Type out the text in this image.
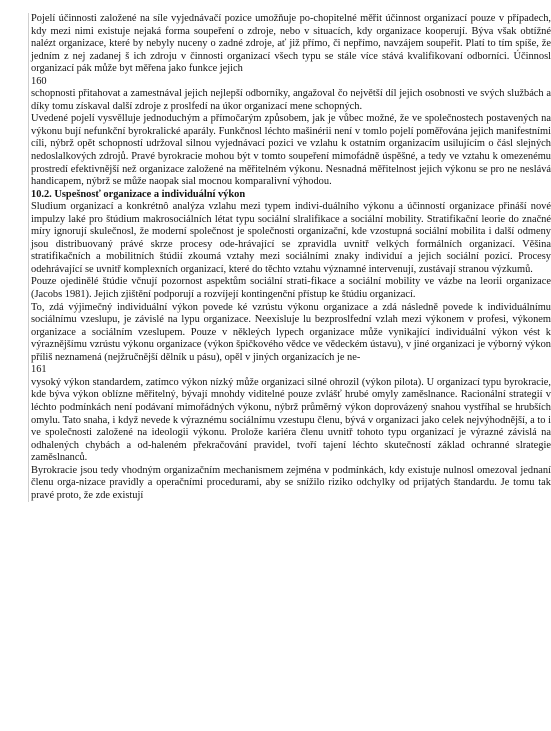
Pojelí účinnosti založené na síle vyjednávačí pozice umožňuje po-chopitelné měřit účinnost organizací pouze v případech, kdy mezi nimi existuje nejaká forma soupeření o zdroje, nebo v situacích, kdy organizace kooperují. Býva však obtížné nalézt organizace, které by nebyly nuceny o zadné zdroje, ať již přímo, či nepřímo, navzájem soupeřit. Platí to tím spíše, že jedním z nej zadanej š ich zdroju v činnosti organizací všech typu se stále více stává kvalifikovaní odborníci. Účinnosl organizací pák může byt měřena jako funkce jejich

160

schopnosti přitahovat a zamestnával jejich nejlepší odborníky, angažoval čo největší díl jejich osobnosti ve svých službách a díky tomu získaval další zdroje z proslfedí na úkor organizací mene schopných.

Uvedené pojelí vysvělluje jednoduchým a přímočarým způsobem, jak je vůbec možné, že ve společnostech postavených na výkonu bují nefunkční byrokralické aparály. Funkčnosl léchto mašinérii není v tomlo pojelí poměřována jejich manifestními cíli, nýbrž opět schopností udržoval silnou vyjednávací pozici ve vzlahu k ostatním organizacím usilujícím o čásl slejných nedoslalkových zdrojů. Pravé byrokracie mohou být v tomto soupeření mimofádně úspěšné, a tedy ve vztahu k omezenému prostredí efektivnější než organizace založené na měřitelném výkonu. Nesnadná měřitelnost jejich výkonu se pro ne neslává handicapem, nýbrž se může naopak sial mocnou komparalivní výhodou.

10.2. Uspešnosť organizace a individuální výkon

Sludium organizací a konkrétnô analýza vzlahu mezi typem indivi-duálního výkonu a účinností organizace přináší nové impulzy laké pro štúdium makrosociálních létat typu sociální slralifikace a sociální mobility. Stratifikační leorie do značné míry ignorují skulečnosl, že moderní společnost je společnosti organizační, kde vzostupná sociální mobilita i další odmeny jsou distribuovaný právé skrze procesy ode-hrávající se zpravidla uvnitř velkých formálních organizací. Věšina stratifikačních a mobilitních štúdií zkoumá vztahy mezi sociálními znaky individuí a jejich sociální pozicí. Procesy odehrávající se uvnitř komplexních organizací, které do těchto vztahu významné intervenují, zustávají stranou výzkumů.

Pouze ojedinělé štúdie včnují pozornost aspektům sociální strati-fikace a sociální mobility ve vázbe na leorii organizace (Jacobs 1981). Jejich zjištění podporují a rozvíjejí kontingenční přístup ke štúdiu organizací.

To, zdá výjimečný individuální výkon povede ké vzrústu výkonu organizace a zdá následně povede k individuálnímu sociálnímu vzeslupu, je závislé na lypu organizace. Neexisluje lu bezproslfední vzlah mezi výkonem v profesi, výkonem organizace a sociálním vzeslupem. Pouze v někleých lypech organizace může vynikající individuální výkon vést k výraznějšímu vzrústu výkonu organizace (výkon špičkového vědce ve vědeckém ústavu), v jiné organizaci je výborný výkon příliš neznamená (nejžručnější dělník u pásu), opěl v jiných organizacích je ne-

161

vysoký výkon standardem, zatímco výkon nízký může organizaci silné ohrozil (výkon pilota). U organizací typu byrokracie, kde býva výkon oblízne měřitelný, bývají mnohdy viditelné pouze zvlášť hrubé omyly zaměslnance. Racionální strategií v léchto podmínkách není podávaní mimořádných výkonu, nýbrž průměrný výkon doprovázený snahou vystříhal se hrubších omylu. Tato snaha, i když nevede k výraznému sociálnímu vzestupu členu, bývá v organizaci jako celek nejvýhodnější, a to i ve společnosti založené na ideologii výkonu. Prolože kariéra členu uvnitř tohoto typu organizací je výrazné závislá na odhalených chybách a od-haleném překračování pravidel, tvoří tajení léchto skutečností základ ochranné slrategie zaměslnanců.

Byrokracie jsou tedy vhodným organizačním mechanismem zejména v podmínkách, kdy existuje nulnosl omezoval jednaní členu orga-nizace pravidly a operačními procedurami, aby se snížilo riziko odchylky od prijatých štandardu. Je tomu tak pravé proto, že zde existují
